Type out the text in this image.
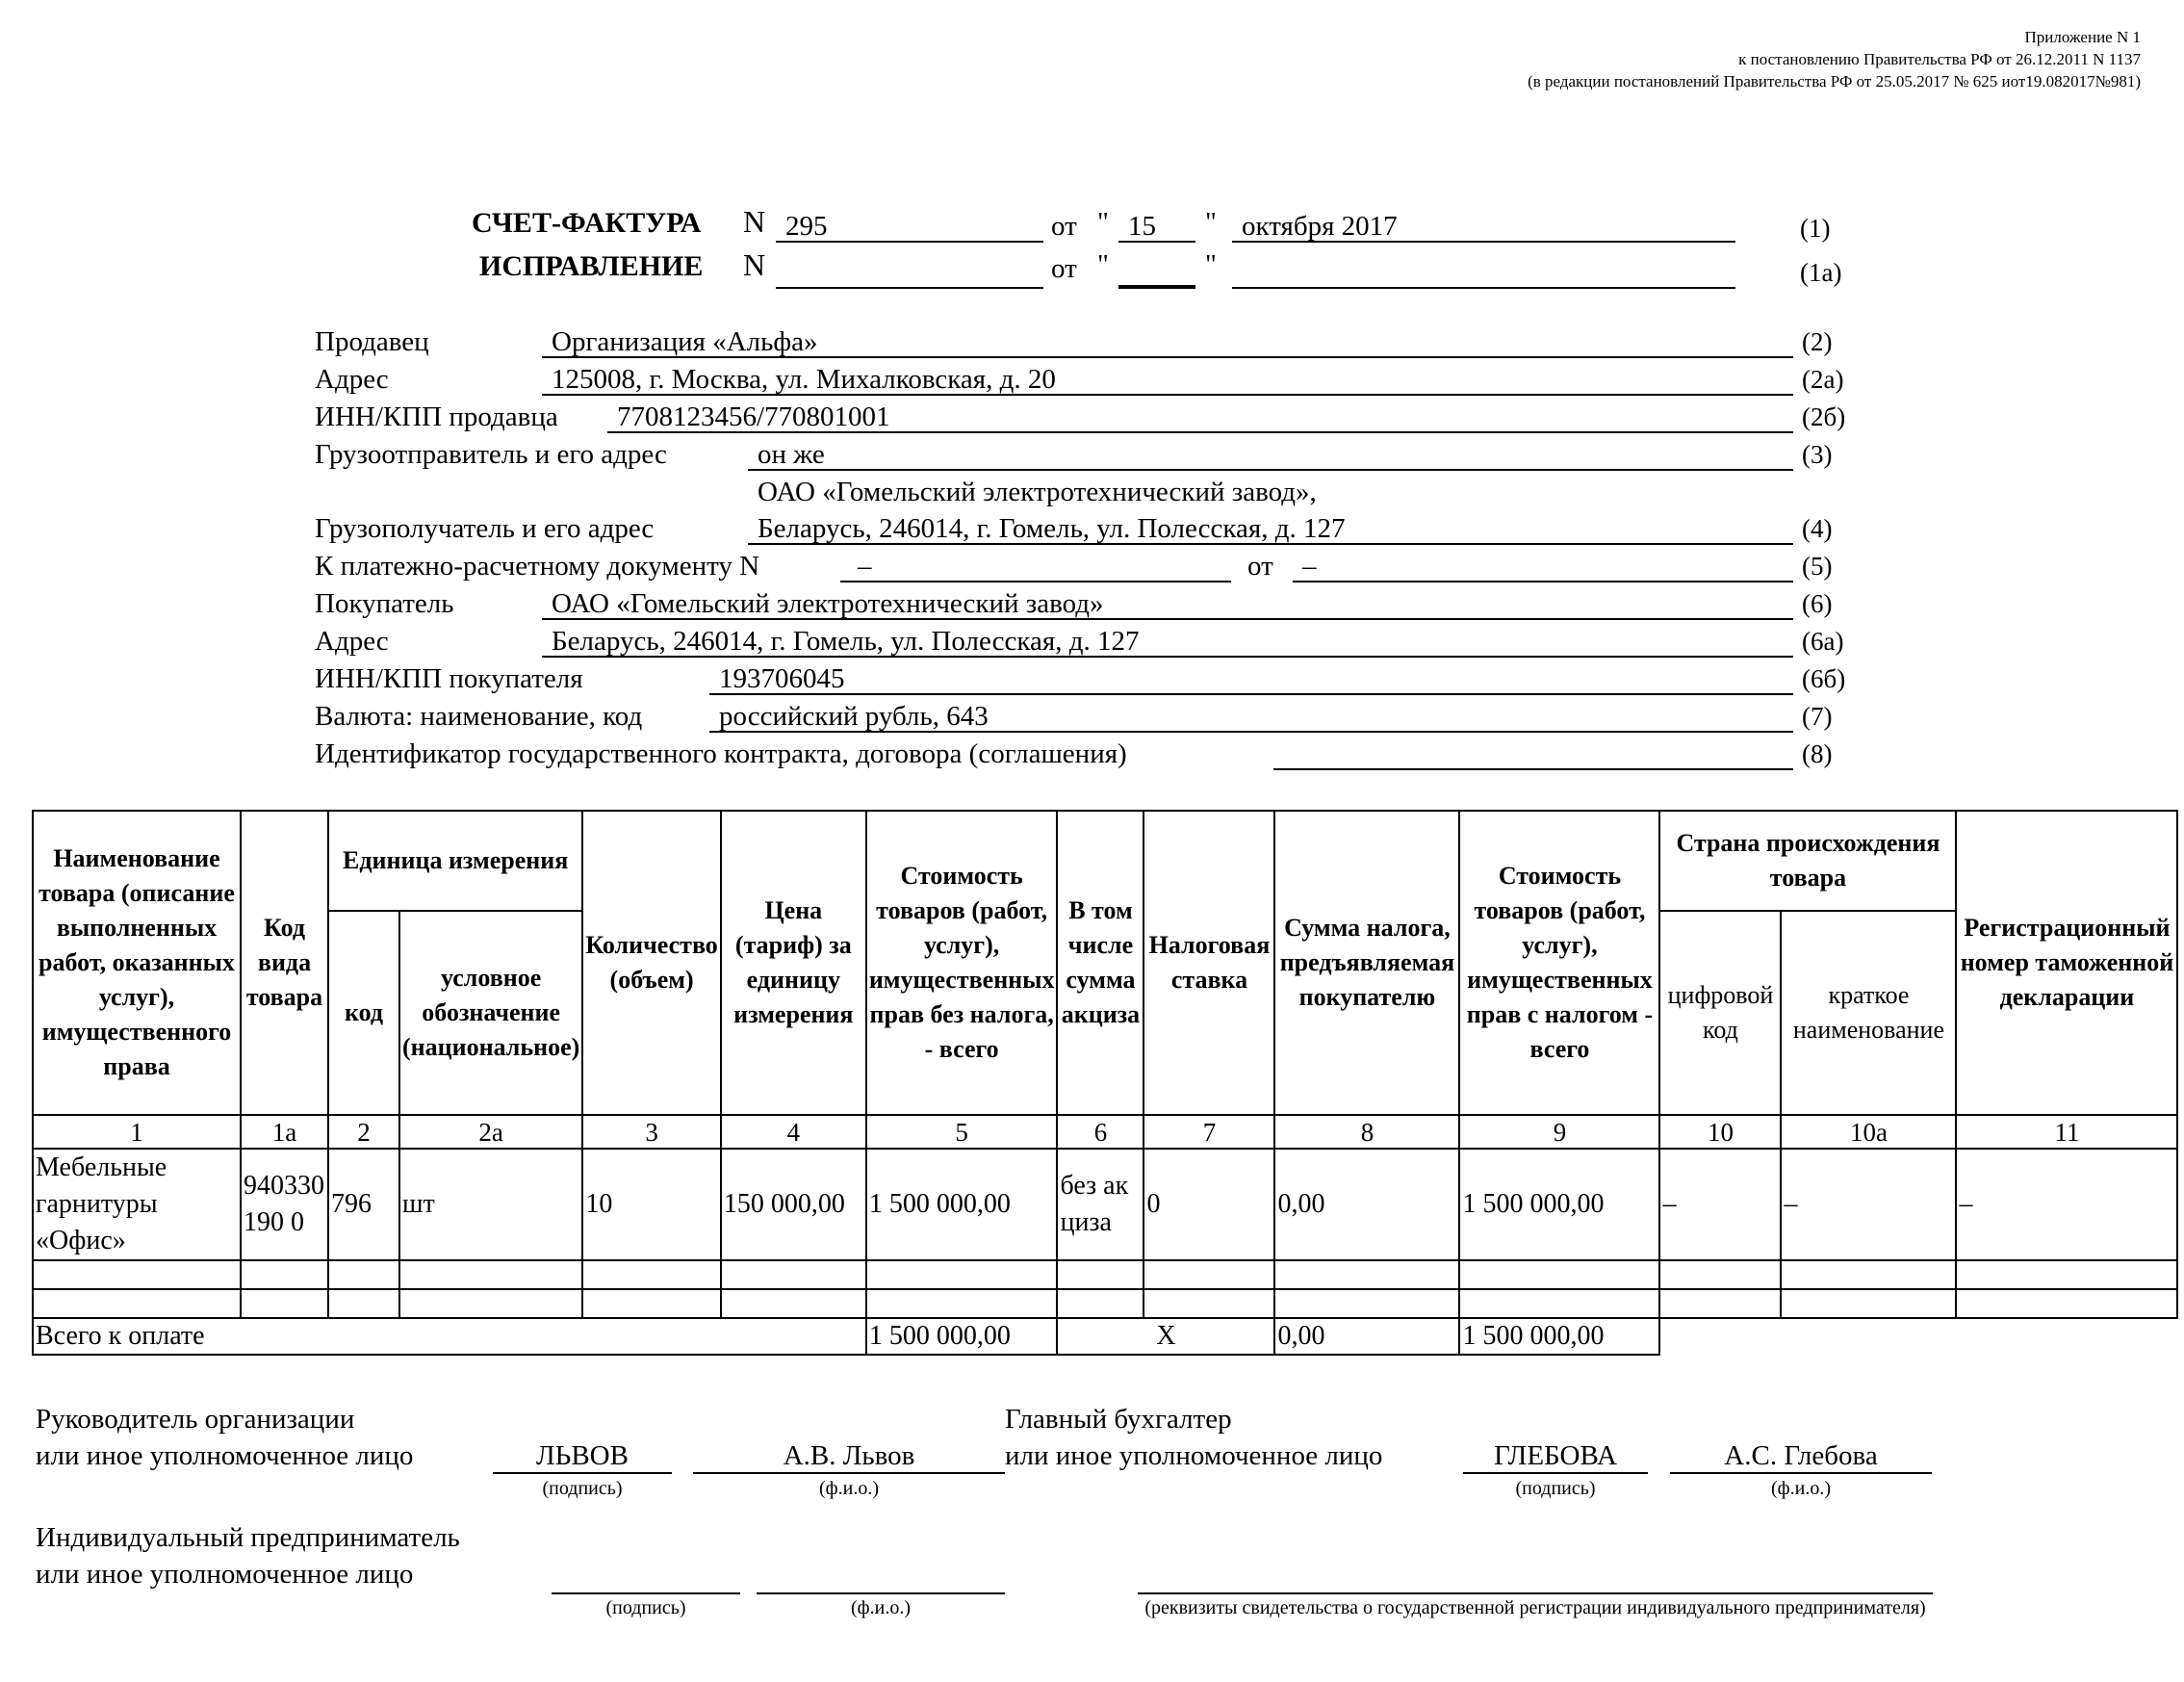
Приложение N 1
к постановлению Правительства РФ от 26.12.2011 N 1137
(в редакции постановлений Правительства РФ от 25.05.2017 № 625 иот19.082017№981)
СЧЕТ-ФАКТУРА N 295	от " 15	" октября 2017	(1)
ИСПРАВЛЕНИЕ N	от "	"	(1а)
Продавец	Организация «Альфа»	(2)
Адрес	125008, г. Москва, ул. Михалковская, д. 20	(2а)
ИНН/КПП продавца	7708123456/770801001	(2б)
Грузоотправитель и его адрес	он же	(3)
ОАО «Гомельский электротехнический завод»,
Грузополучатель и его адрес	Беларусь, 246014, г. Гомель, ул. Полесская, д. 127	(4)
К платежно-расчетному документу N	–	от	–	(5)
Покупатель	ОАО «Гомельский электротехнический завод»	(6)
Адрес	Беларусь, 246014, г. Гомель, ул. Полесская, д. 127	(6а)
ИНН/КПП покупателя	193706045	(6б)
Валюта: наименование, код	российский рубль, 643	(7)
Идентификатор государственного контракта, договора (соглашения)	(8)
Наименование товара (описание выполненных работ, оказанных услуг), имущественного права	Код вида товара	Единица измерения		Количество (объем)	Цена (тариф) за единицу измерения	Стоимость товаров (работ, услуг), имущественных прав без налога, - всего	В том числе сумма акциза	Налоговая ставка	Сумма налога, предъявляемая покупателю	Стоимость товаров (работ, услуг), имущественных прав с налогом - всего	Страна происхождения товара		Регистрационный номер таможенной декларации
		код	условное обозначение (национальное)								цифровой код	краткое наименование	
1	1а	2	2а	3	4	5	6	7	8	9	10	10а	11
Мебельные гарнитуры «Офис»	940330 190 0	796	шт	10	150 000,00	1 500 000,00	без акциза	0	0,00	1 500 000,00	–	–	–

Всего к оплате						1 500 000,00	X		0,00	1 500 000,00			
Руководитель организации
или иное уполномоченное лицо	ЛЬВОВ	А.В. Львов
(подпись)	(ф.и.о.)
Главный бухгалтер
или иное уполномоченное лицо	ГЛЕБОВА	А.С. Глебова
(подпись)	(ф.и.о.)
Индивидуальный предприниматель
или иное уполномоченное лицо
(подпись)	(ф.и.о.)	(реквизиты свидетельства о государственной регистрации индивидуального предпринимателя)
